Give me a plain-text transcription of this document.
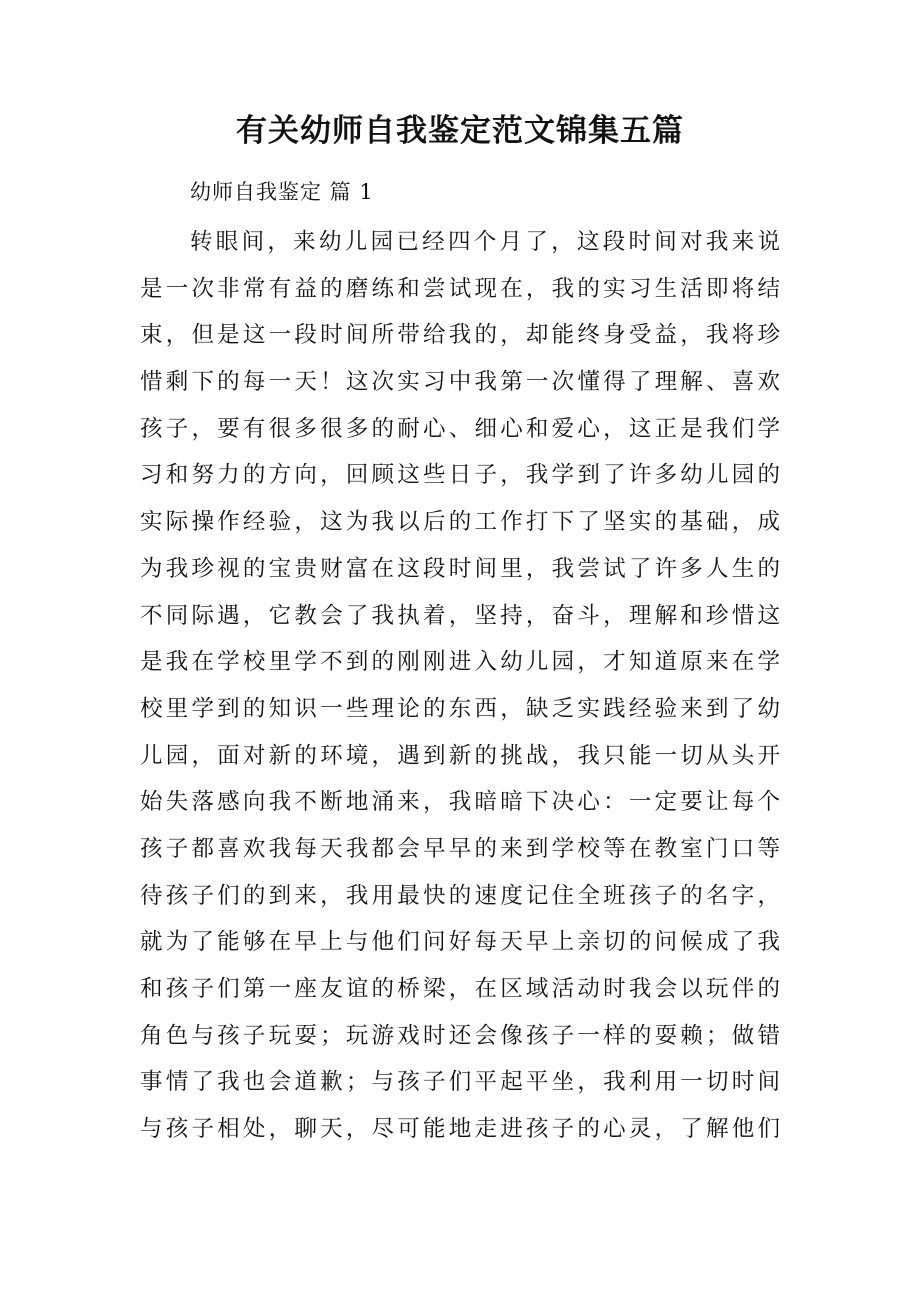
有关幼师自我鉴定范文锦集五篇

幼师自我鉴定 篇 1

转眼间，来幼儿园已经四个月了，这段时间对我来说
是一次非常有益的磨练和尝试现在，我的实习生活即将结
束，但是这一段时间所带给我的，却能终身受益，我将珍
惜剩下的每一天！这次实习中我第一次懂得了理解、喜欢
孩子，要有很多很多的耐心、细心和爱心，这正是我们学
习和努力的方向，回顾这些日子，我学到了许多幼儿园的
实际操作经验，这为我以后的工作打下了坚实的基础，成
为我珍视的宝贵财富在这段时间里，我尝试了许多人生的
不同际遇，它教会了我执着，坚持，奋斗，理解和珍惜这
是我在学校里学不到的刚刚进入幼儿园，才知道原来在学
校里学到的知识一些理论的东西，缺乏实践经验来到了幼
儿园，面对新的环境，遇到新的挑战，我只能一切从头开
始失落感向我不断地涌来，我暗暗下决心：一定要让每个
孩子都喜欢我每天我都会早早的来到学校等在教室门口等
待孩子们的到来，我用最快的速度记住全班孩子的名字，
就为了能够在早上与他们问好每天早上亲切的问候成了我
和孩子们第一座友谊的桥梁，在区域活动时我会以玩伴的
角色与孩子玩耍；玩游戏时还会像孩子一样的耍赖；做错
事情了我也会道歉；与孩子们平起平坐，我利用一切时间
与孩子相处，聊天，尽可能地走进孩子的心灵，了解他们
